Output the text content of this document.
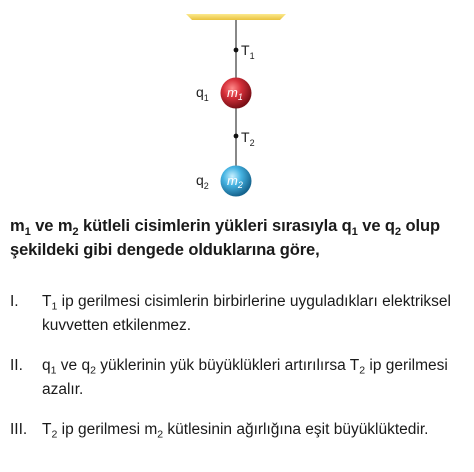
$T_1$
$T_2$
$m_1$
$q_1$
$m_2$
$q_2$
$m_1$ ve $m_2$ kütleli cisimlerin yükleri sırasıyla $q_1$ ve $q_2$ olup şekildeki gibi dengede olduklarına göre,
I. $T_1$ ip gerilmesi cisimlerin birbirlerine uyguladıkları elektriksel kuvvetten etkilenmez.
II. $q_1$ ve $q_2$ yüklerinin yük büyüklükleri artırılırsa $T_2$ ip gerilmesi azalır.
III. $T_2$ ip gerilmesi $m_2$ kütlesinin ağırlığına eşit büyüklüktedir.
